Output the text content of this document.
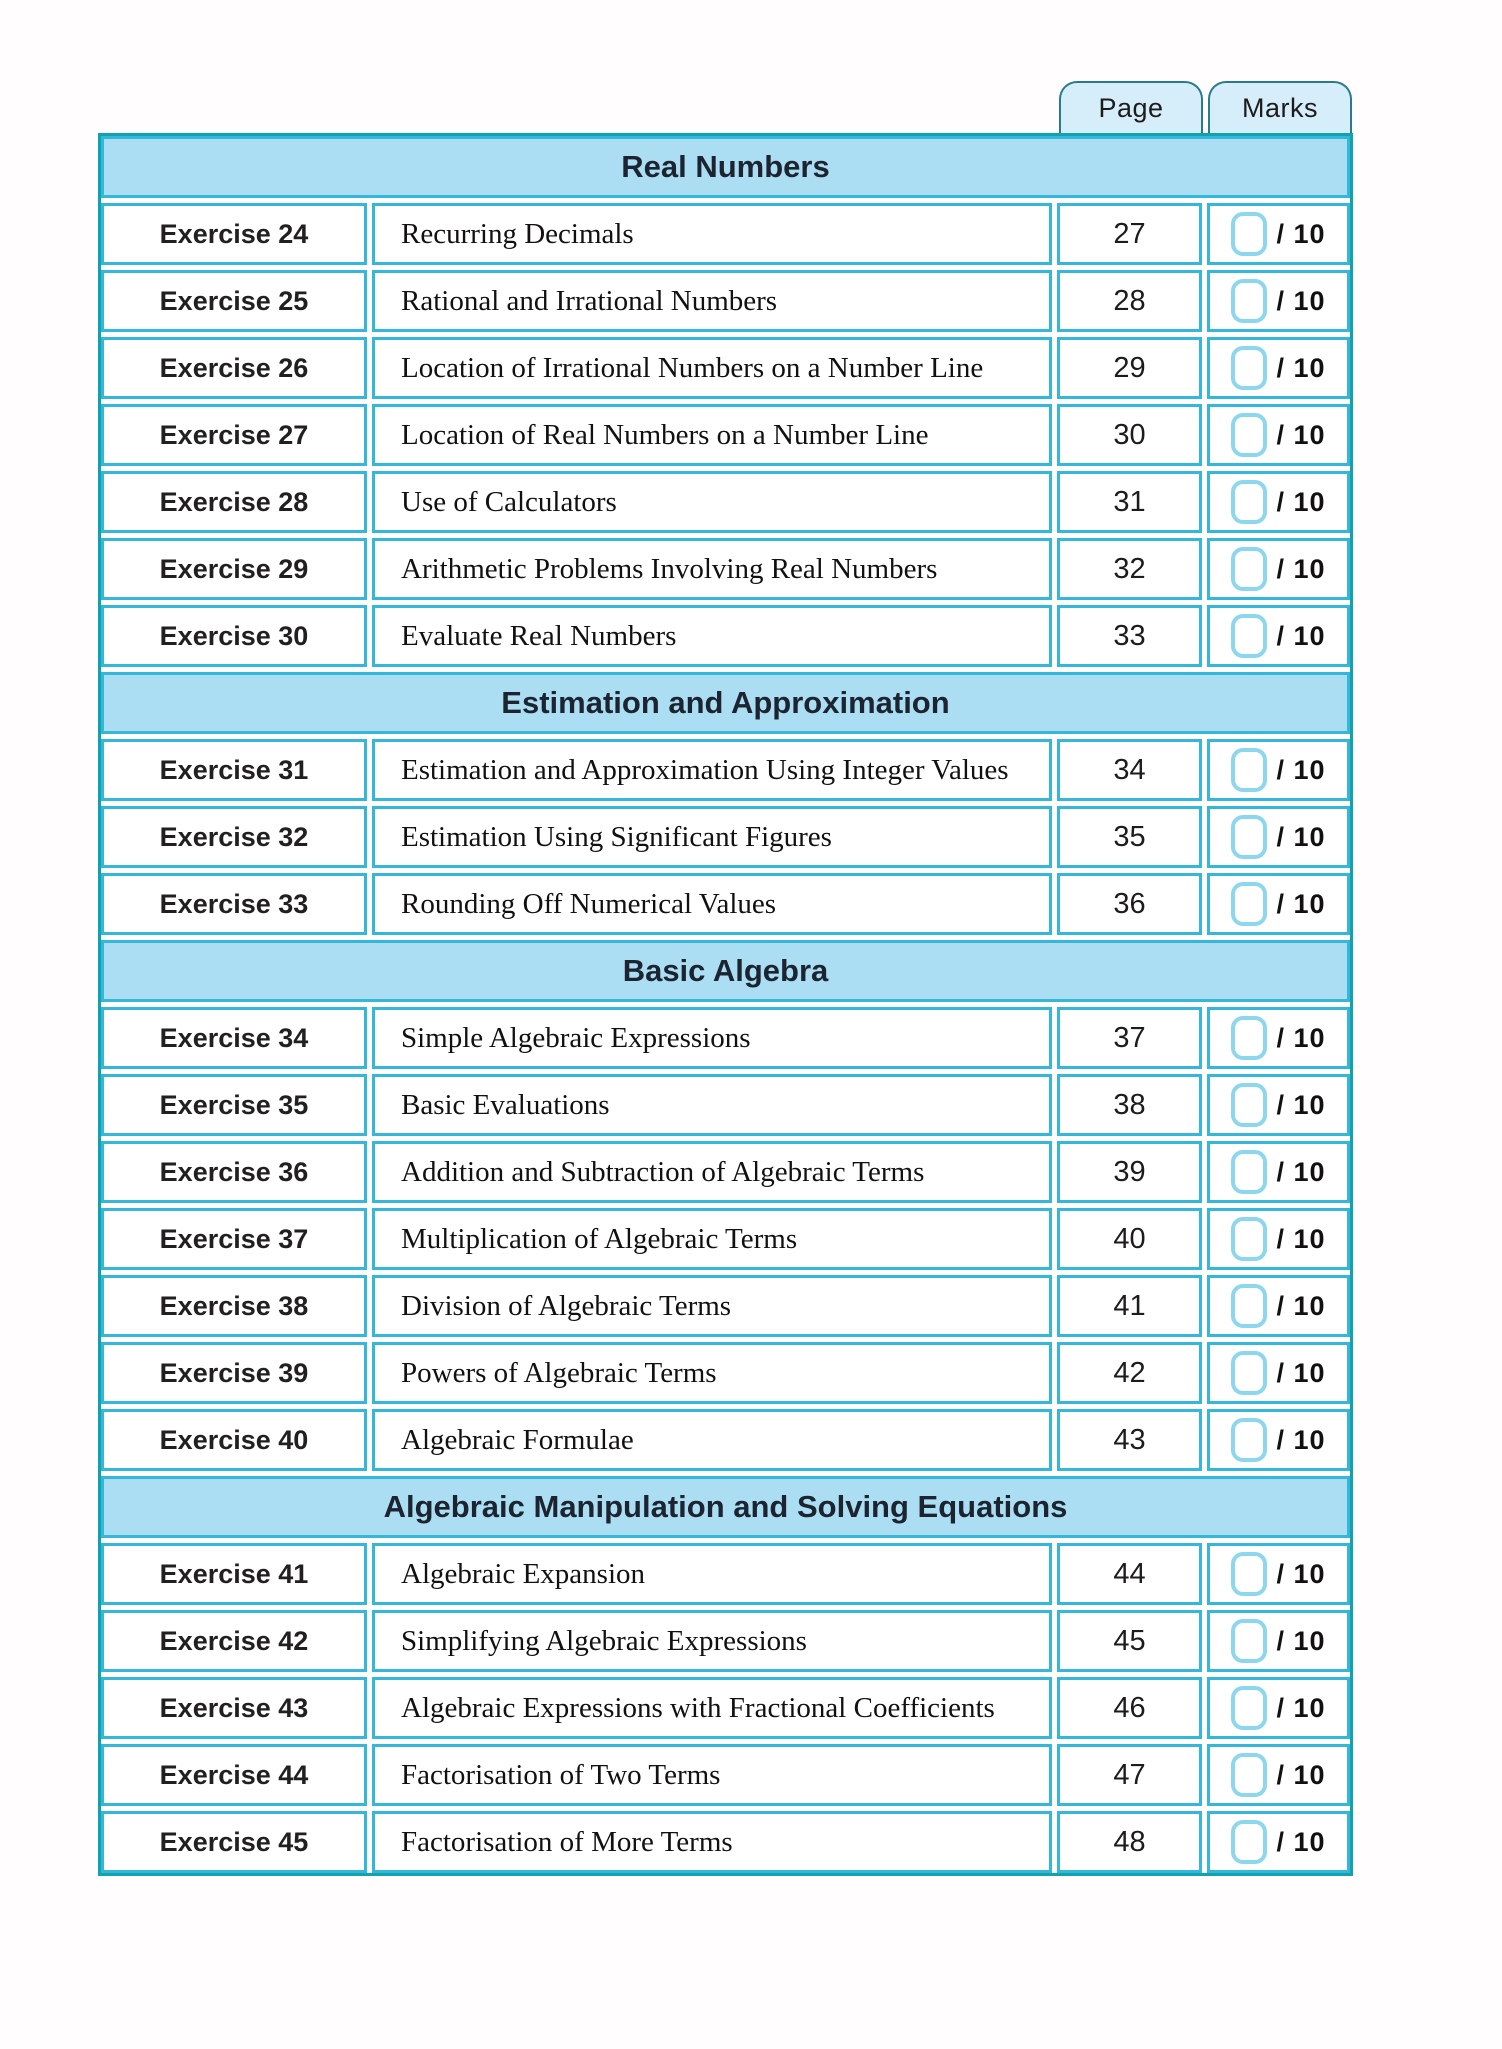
Page	Marks
Real Numbers
Exercise 24	Recurring Decimals	27	/ 10
Exercise 25	Rational and Irrational Numbers	28	/ 10
Exercise 26	Location of Irrational Numbers on a Number Line	29	/ 10
Exercise 27	Location of Real Numbers on a Number Line	30	/ 10
Exercise 28	Use of Calculators	31	/ 10
Exercise 29	Arithmetic Problems Involving Real Numbers	32	/ 10
Exercise 30	Evaluate Real Numbers	33	/ 10
Estimation and Approximation
Exercise 31	Estimation and Approximation Using Integer Values	34	/ 10
Exercise 32	Estimation Using Significant Figures	35	/ 10
Exercise 33	Rounding Off Numerical Values	36	/ 10
Basic Algebra
Exercise 34	Simple Algebraic Expressions	37	/ 10
Exercise 35	Basic Evaluations	38	/ 10
Exercise 36	Addition and Subtraction of Algebraic Terms	39	/ 10
Exercise 37	Multiplication of Algebraic Terms	40	/ 10
Exercise 38	Division of Algebraic Terms	41	/ 10
Exercise 39	Powers of Algebraic Terms	42	/ 10
Exercise 40	Algebraic Formulae	43	/ 10
Algebraic Manipulation and Solving Equations
Exercise 41	Algebraic Expansion	44	/ 10
Exercise 42	Simplifying Algebraic Expressions	45	/ 10
Exercise 43	Algebraic Expressions with Fractional Coefficients	46	/ 10
Exercise 44	Factorisation of Two Terms	47	/ 10
Exercise 45	Factorisation of More Terms	48	/ 10
